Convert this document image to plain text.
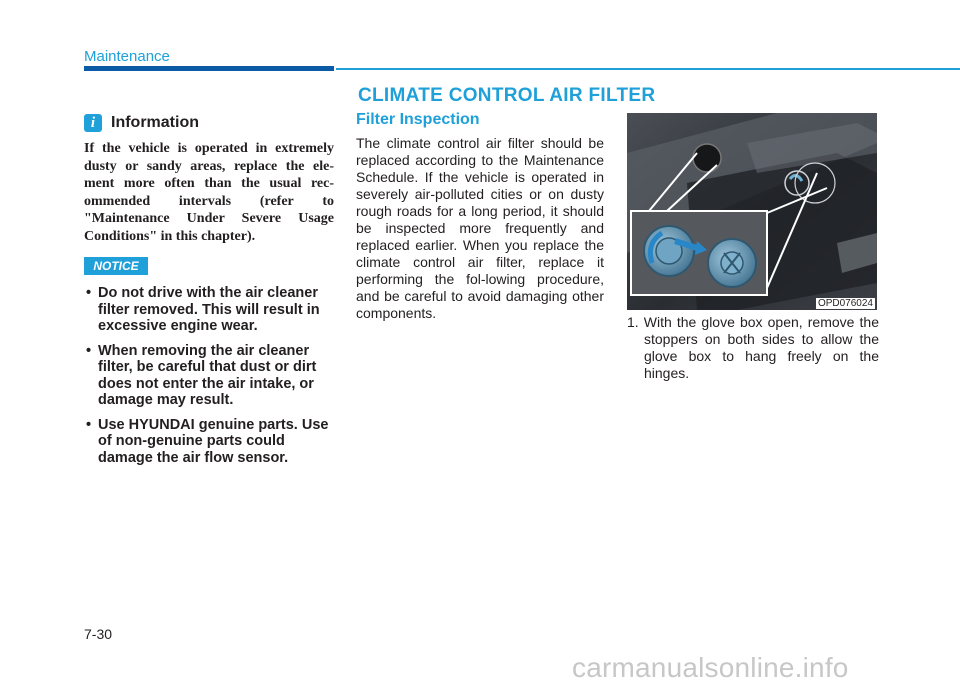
Maintenance
CLIMATE CONTROL AIR FILTER
i Information

If the vehicle is operated in extremely dusty or sandy areas, replace the ele-ment more often than the usual rec-ommended intervals (refer to "Maintenance Under Severe Usage Conditions" in this chapter).

NOTICE
• Do not drive with the air cleaner filter removed. This will result in excessive engine wear.
• When removing the air cleaner filter, be careful that dust or dirt does not enter the air intake, or damage may result.
• Use HYUNDAI genuine parts. Use of non-genuine parts could damage the air flow sensor.
Filter Inspection

The climate control air filter should be replaced according to the Maintenance Schedule. If the vehicle is operated in severely air-polluted cities or on dusty rough roads for a long period, it should be inspected more frequently and replaced earlier. When you replace the climate control air filter, replace it performing the fol-lowing procedure, and be careful to avoid damaging other components.

OPD076024

1. With the glove box open, remove the stoppers on both sides to allow the glove box to hang freely on the hinges.

7-30
carmanualsonline.info
